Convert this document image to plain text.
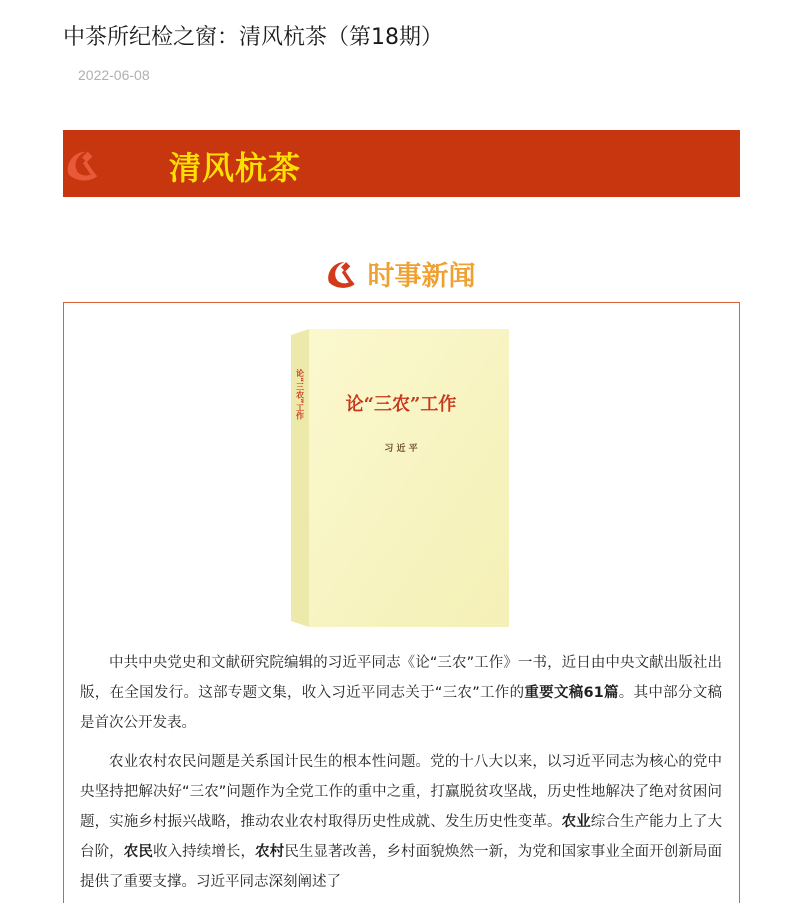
中茶所纪检之窗：清风杭茶（第18期）
2022-06-08
清风杭茶
时事新闻
论“三农”工作
习 近 平
论“三农”工作

中共中央党史和文献研究院编辑的习近平同志《论“三农”工作》一书，近日由中央文献出版社出版，在全国发行。这部专题文集，收入习近平同志关于“三农”工作的重要文稿61篇。其中部分文稿是首次公开发表。

农业农村农民问题是关系国计民生的根本性问题。党的十八大以来，以习近平同志为核心的党中央坚持把解决好“三农”问题作为全党工作的重中之重，打赢脱贫攻坚战，历史性地解决了绝对贫困问题，实施乡村振兴战略，推动农业农村取得历史性成就、发生历史性变革。农业综合生产能力上了大台阶，农民收入持续增长，农村民生显著改善，乡村面貌焕然一新，为党和国家事业全面开创新局面提供了重要支撑。习近平同志深刻阐述了
